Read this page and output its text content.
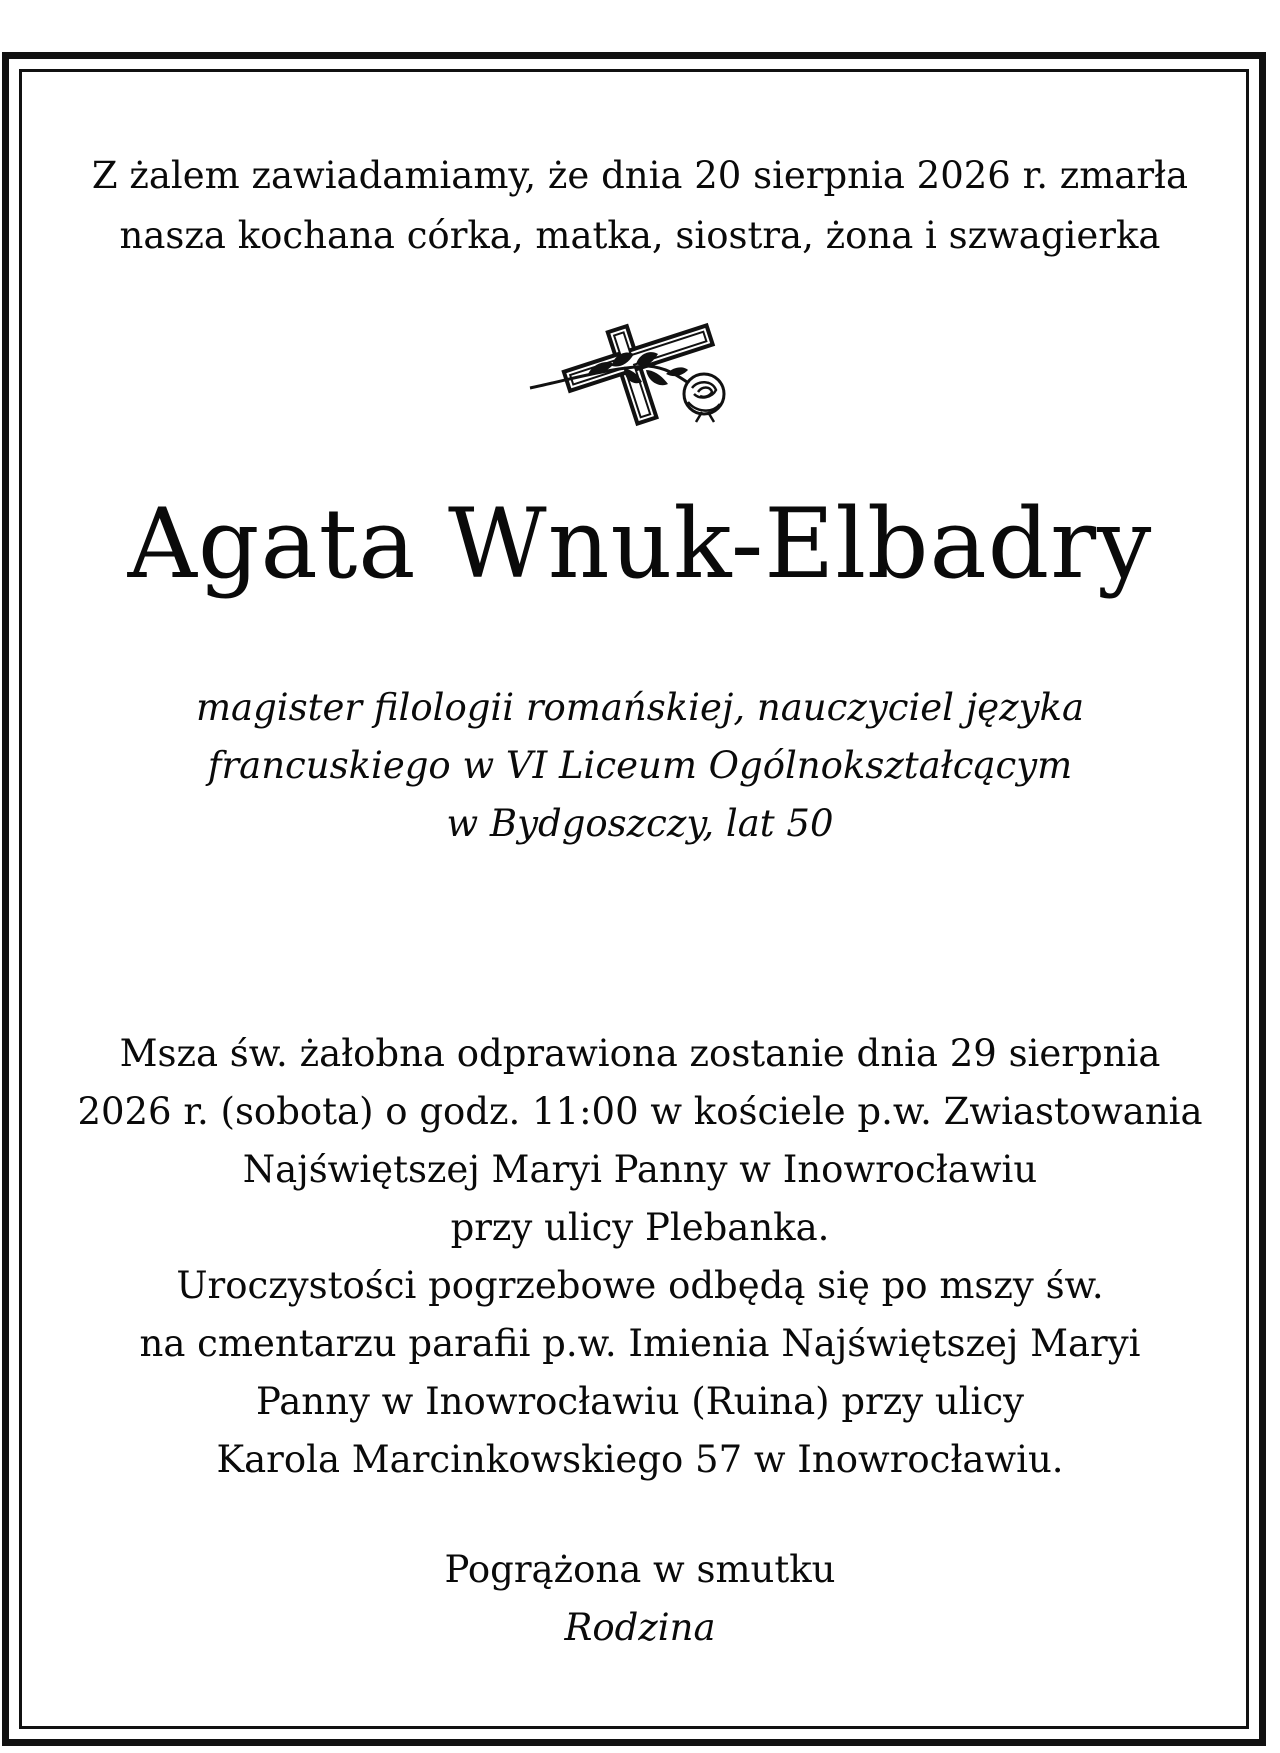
Z żalem zawiadamiamy, że dnia 20 sierpnia 2026 r. zmarła
nasza kochana córka, matka, siostra, żona i szwagierka
Agata Wnuk-Elbadry
magister filologii romańskiej, nauczyciel języka
francuskiego w VI Liceum Ogólnokształcącym
w Bydgoszczy, lat 50
Msza św. żałobna odprawiona zostanie dnia 29 sierpnia
2026 r. (sobota) o godz. 11:00 w kościele p.w. Zwiastowania
Najświętszej Maryi Panny w Inowrocławiu
przy ulicy Plebanka.
Uroczystości pogrzebowe odbędą się po mszy św.
na cmentarzu parafii p.w. Imienia Najświętszej Maryi
Panny w Inowrocławiu (Ruina) przy ulicy
Karola Marcinkowskiego 57 w Inowrocławiu.
Pogrążona w smutku
Rodzina
